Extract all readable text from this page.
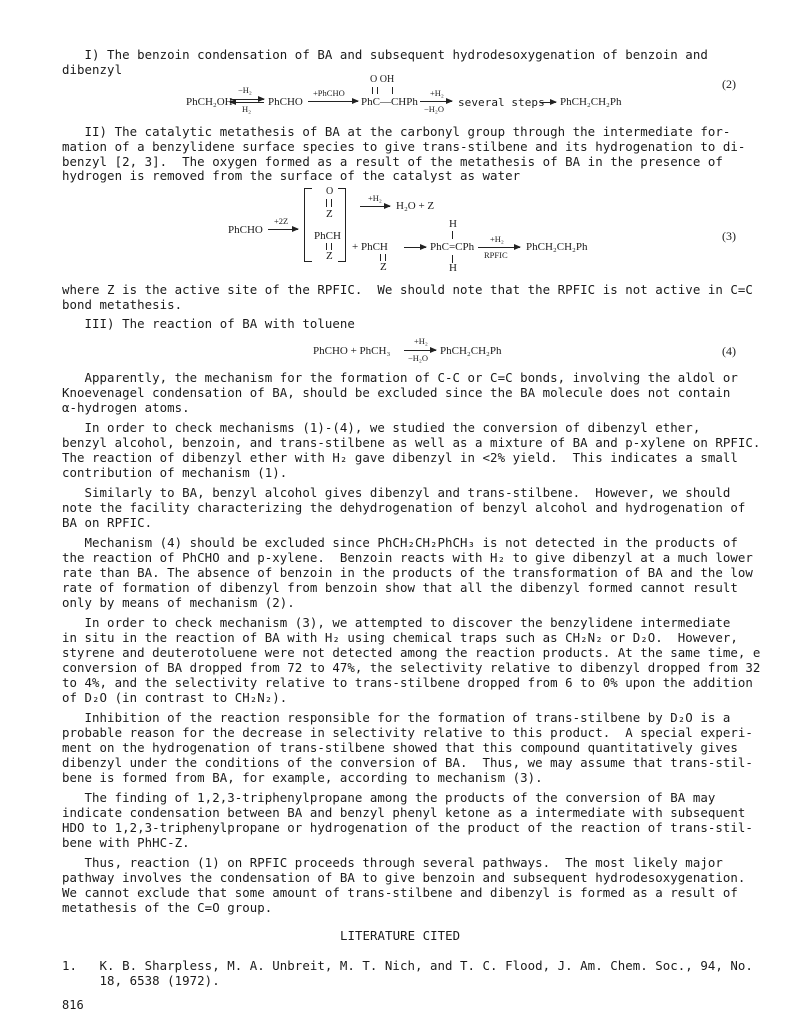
I) The benzoin condensation of BA and subsequent hydrodesoxygenation of benzoin and
dibenzyl
PhCH₂OH
−H₂
H₂
PhCHO
+PhCHO
O OH
PhC—CHPh
+H₂
−H₂O several steps PhCH₂CH₂Ph
(2)
II) The catalytic metathesis of BA at the carbonyl group through the intermediate for-
mation of a benzylidene surface species to give trans-stilbene and its hydrogenation to di-
benzyl [2, 3].  The oxygen formed as a result of the metathesis of BA in the presence of
hydrogen is removed from the surface of the catalyst as water
PhCHO
+2Z
O
Z
PhCH
Z
+H₂
H₂O + Z
+ PhCH
Z
H
PhC=CPh
H
+H₂
RPFIC
PhCH₂CH₂Ph
(3)
where Z is the active site of the RPFIC.  We should note that the RPFIC is not active in C=C
bond metathesis.
III) The reaction of BA with toluene
PhCHO + PhCH₃
+H₂
−H₂O
PhCH₂CH₂Ph	(4)
Apparently, the mechanism for the formation of C-C or C=C bonds, involving the aldol or
Knoevenagel condensation of BA, should be excluded since the BA molecule does not contain
α-hydrogen atoms.
In order to check mechanisms (1)-(4), we studied the conversion of dibenzyl ether,
benzyl alcohol, benzoin, and trans-stilbene as well as a mixture of BA and p-xylene on RPFIC.
The reaction of dibenzyl ether with H₂ gave dibenzyl in <2% yield.  This indicates a small
contribution of mechanism (1).
Similarly to BA, benzyl alcohol gives dibenzyl and trans-stilbene.  However, we should
note the facility characterizing the dehydrogenation of benzyl alcohol and hydrogenation of
BA on RPFIC.
Mechanism (4) should be excluded since PhCH₂CH₂PhCH₃ is not detected in the products of
the reaction of PhCHO and p-xylene.  Benzoin reacts with H₂ to give dibenzyl at a much lower
rate than BA. The absence of benzoin in the products of the transformation of BA and the low
rate of formation of dibenzyl from benzoin show that all the dibenzyl formed cannot result
only by means of mechanism (2).
In order to check mechanism (3), we attempted to discover the benzylidene intermediate
in situ in the reaction of BA with H₂ using chemical traps such as CH₂N₂ or D₂O.  However,
styrene and deuterotoluene were not detected among the reaction products. At the same time, e
conversion of BA dropped from 72 to 47%, the selectivity relative to dibenzyl dropped from 32
to 4%, and the selectivity relative to trans-stilbene dropped from 6 to 0% upon the addition
of D₂O (in contrast to CH₂N₂).
Inhibition of the reaction responsible for the formation of trans-stilbene by D₂O is a
probable reason for the decrease in selectivity relative to this product.  A special experi-
ment on the hydrogenation of trans-stilbene showed that this compound quantitatively gives
dibenzyl under the conditions of the conversion of BA.  Thus, we may assume that trans-stil-
bene is formed from BA, for example, according to mechanism (3).
The finding of 1,2,3-triphenylpropane among the products of the conversion of BA may
indicate condensation between BA and benzyl phenyl ketone as a intermediate with subsequent
HDO to 1,2,3-triphenylpropane or hydrogenation of the product of the reaction of trans-stil-
bene with PhHC-Z.
Thus, reaction (1) on RPFIC proceeds through several pathways.  The most likely major
pathway involves the condensation of BA to give benzoin and subsequent hydrodesoxygenation.
We cannot exclude that some amount of trans-stilbene and dibenzyl is formed as a result of
metathesis of the C=O group.
LITERATURE CITED
1.   K. B. Sharpless, M. A. Unbreit, M. T. Nich, and T. C. Flood, J. Am. Chem. Soc., 94, No.
18, 6538 (1972).
816
